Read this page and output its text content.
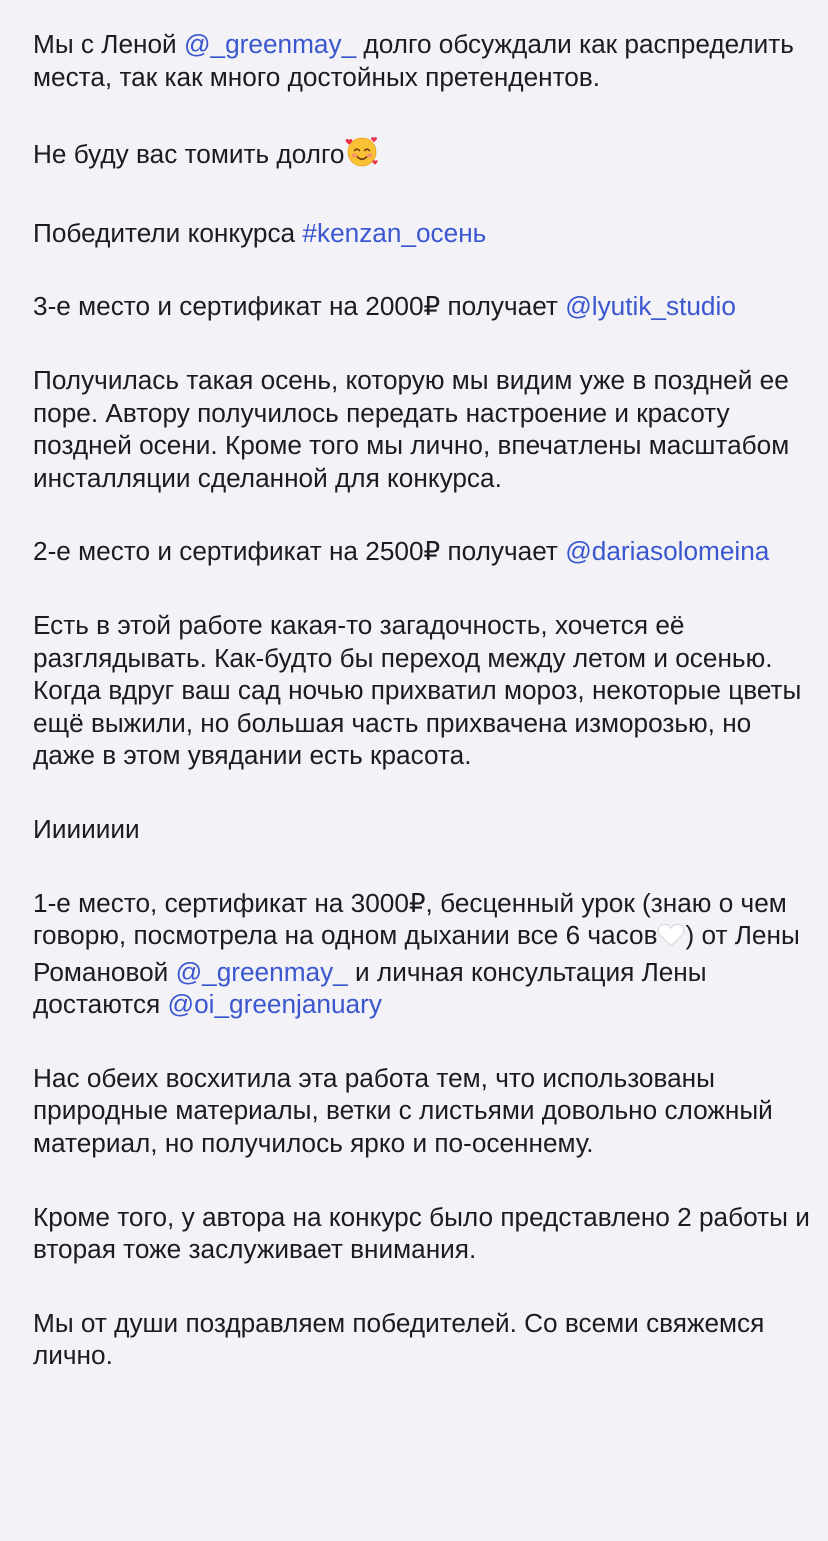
Мы с Леной @_greenmay_ долго обсуждали как распределить места, так как много достойных претендентов.

Не буду вас томить долго

Победители конкурса #kenzan_осень

3-е место и сертификат на 2000₽ получает @lyutik_studio

Получилась такая осень, которую мы видим уже в поздней ее поре. Автору получилось передать настроение и красоту поздней осени. Кроме того мы лично, впечатлены масштабом инсталляции сделанной для конкурса.

2-е место и сертификат на 2500₽ получает @dariasolomeina

Есть в этой работе какая-то загадочность, хочется её разглядывать. Как-будто бы переход между летом и осенью. Когда вдруг ваш сад ночью прихватил мороз, некоторые цветы ещё выжили, но большая часть прихвачена изморозью, но даже в этом увядании есть красота.

Иииииии

1-е место, сертификат на 3000₽, бесценный урок (знаю о чем говорю, посмотрела на одном дыхании все 6 часов ) от Лены Романовой @_greenmay_ и личная консультация Лены достаются @oi_greenjanuary

Нас обеих восхитила эта работа тем, что использованы природные материалы, ветки с листьями довольно сложный материал, но получилось ярко и по-осеннему.

Кроме того, у автора на конкурс было представлено 2 работы и вторая тоже заслуживает внимания.

Мы от души поздравляем победителей. Со всеми свяжемся лично.
